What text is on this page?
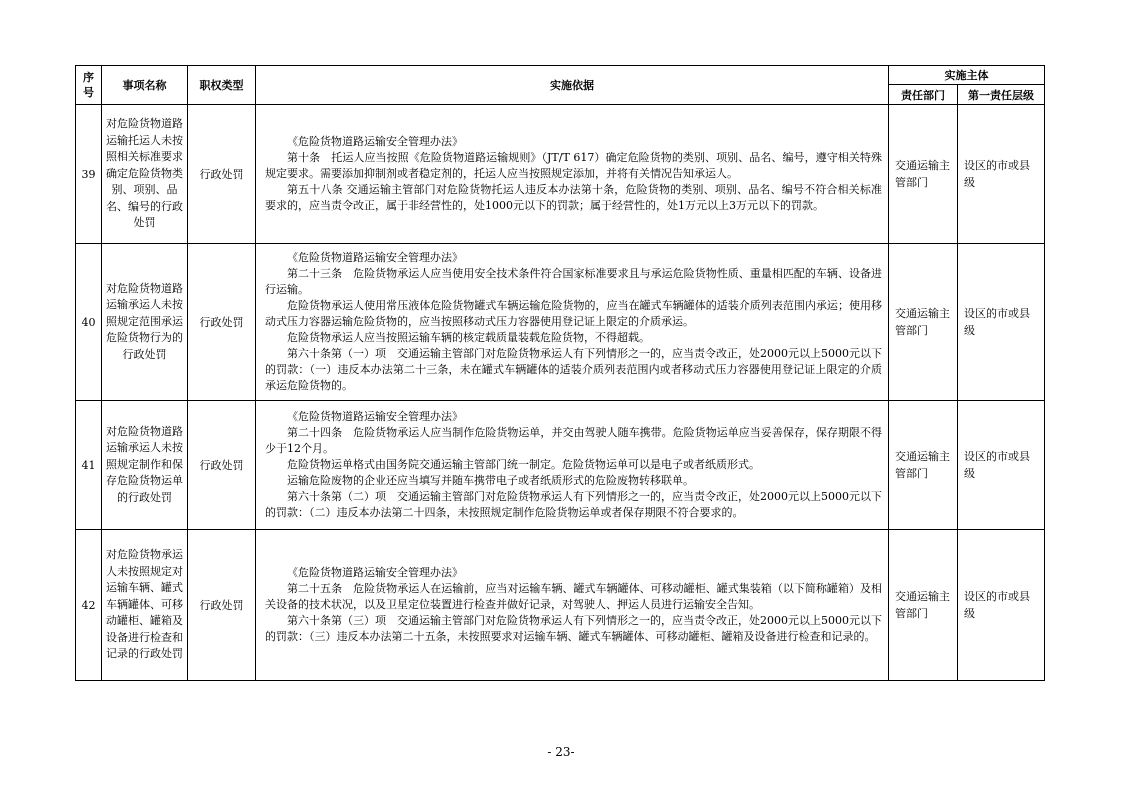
序号	事项名称	职权类型	实施依据	实施主体	
				责任部门	第一责任层级
39	对危险货物道路运输托运人未按照相关标准要求确定危险货物类别、项别、品名、编号的行政处罚	行政处罚	《危险货物道路运输安全管理办法》

第十条　托运人应当按照《危险货物道路运输规则》（JT/T 617）确定危险货物的类别、项别、品名、编号，遵守相关特殊规定要求。需要添加抑制剂或者稳定剂的，托运人应当按照规定添加，并将有关情况告知承运人。

第五十八条 交通运输主管部门对危险货物托运人违反本办法第十条，危险货物的类别、项别、品名、编号不符合相关标准要求的，应当责令改正，属于非经营性的，处1000元以下的罚款；属于经营性的，处1万元以上3万元以下的罚款。	交通运输主管部门	设区的市或县级
40	对危险货物道路运输承运人未按照规定范围承运危险货物行为的行政处罚	行政处罚	《危险货物道路运输安全管理办法》

第二十三条　危险货物承运人应当使用安全技术条件符合国家标准要求且与承运危险货物性质、重量相匹配的车辆、设备进行运输。

危险货物承运人使用常压液体危险货物罐式车辆运输危险货物的，应当在罐式车辆罐体的适装介质列表范围内承运；使用移动式压力容器运输危险货物的，应当按照移动式压力容器使用登记证上限定的介质承运。

危险货物承运人应当按照运输车辆的核定载质量装载危险货物，不得超载。

第六十条第（一）项　交通运输主管部门对危险货物承运人有下列情形之一的，应当责令改正，处2000元以上5000元以下的罚款：（一）违反本办法第二十三条，未在罐式车辆罐体的适装介质列表范围内或者移动式压力容器使用登记证上限定的介质承运危险货物的。	交通运输主管部门	设区的市或县级
41	对危险货物道路运输承运人未按照规定制作和保存危险货物运单的行政处罚	行政处罚	《危险货物道路运输安全管理办法》

第二十四条　危险货物承运人应当制作危险货物运单，并交由驾驶人随车携带。危险货物运单应当妥善保存，保存期限不得少于12个月。

危险货物运单格式由国务院交通运输主管部门统一制定。危险货物运单可以是电子或者纸质形式。

运输危险废物的企业还应当填写并随车携带电子或者纸质形式的危险废物转移联单。

第六十条第（二）项　交通运输主管部门对危险货物承运人有下列情形之一的，应当责令改正，处2000元以上5000元以下的罚款：（二）违反本办法第二十四条，未按照规定制作危险货物运单或者保存期限不符合要求的。	交通运输主管部门	设区的市或县级
42	对危险货物承运人未按照规定对运输车辆、罐式车辆罐体、可移动罐柜、罐箱及设备进行检查和记录的行政处罚	行政处罚	《危险货物道路运输安全管理办法》

第二十五条　危险货物承运人在运输前，应当对运输车辆、罐式车辆罐体、可移动罐柜、罐式集装箱（以下简称罐箱）及相关设备的技术状况，以及卫星定位装置进行检查并做好记录，对驾驶人、押运人员进行运输安全告知。

第六十条第（三）项　交通运输主管部门对危险货物承运人有下列情形之一的，应当责令改正，处2000元以上5000元以下的罚款：（三）违反本办法第二十五条，未按照要求对运输车辆、罐式车辆罐体、可移动罐柜、罐箱及设备进行检查和记录的。	交通运输主管部门	设区的市或县级
- 23-
